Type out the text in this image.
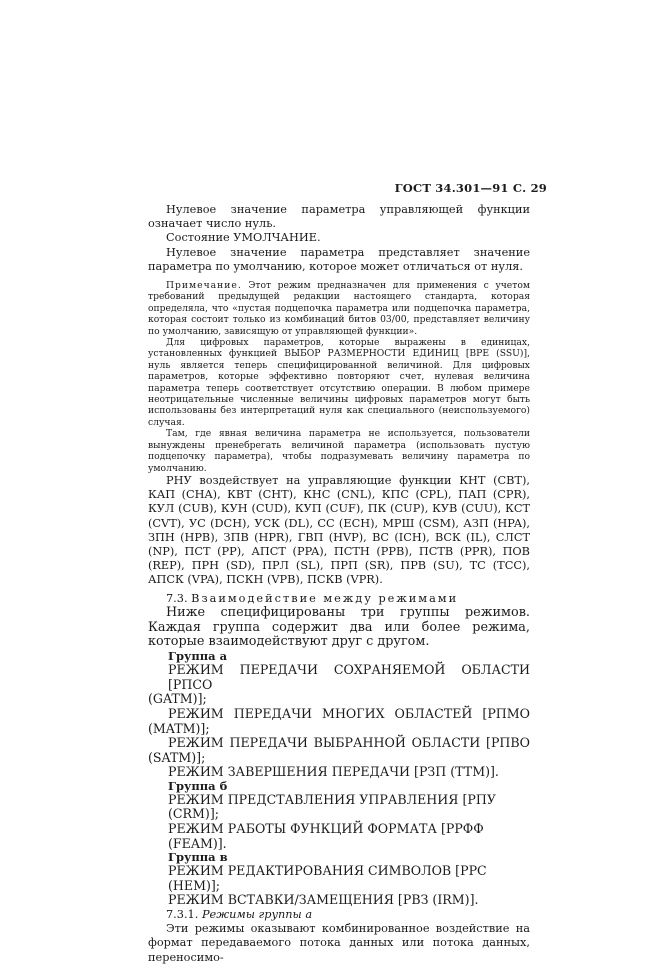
ГОСТ 34.301—91 С. 29

Нулевое значение параметра управляющей функции означает число нуль.

Состояние УМОЛЧАНИЕ.

Нулевое значение параметра представляет значение параметра по умолчанию, которое может отличаться от нуля.

Примечание. Этот режим предназначен для применения с учетом требований предыдущей редакции настоящего стандарта, которая определяла, что «пустая подцепочка параметра или подцепочка параметра, которая состоит только из комбинаций битов 03/00, представляет величину по умолчанию, зависящую от управляющей функции».

Для цифровых параметров, которые выражены в единицах, установленных функцией ВЫБОР РАЗМЕРНОСТИ ЕДИНИЦ [ВРЕ (SSU)], нуль является теперь специфицированной величиной. Для цифровых параметров, которые эффективно повторяют счет, нулевая величина параметра теперь соответствует отсутствию операции. В любом примере неотрицательные численные величины цифровых параметров могут быть использованы без интерпретаций нуля как специального (неиспользуемого) случая.

Там, где явная величина параметра не используется, пользователи вынуждены пренебрегать величиной параметра (использовать пустую подцепочку параметра), чтобы подразумевать величину параметра по умолчанию.

РНУ воздействует на управляющие функции КНТ (CBT), КАП (CHA), КВТ (CHT), КНС (CNL), КПС (CPL), ПАП (CPR), КУЛ (CUB), КУН (CUD), КУП (CUF), ПК (CUP), КУВ (CUU), КСТ (CVT), УС (DCH), УСК (DL), СС (ECH), МРШ (CSM), АЗП (HPA), ЗПН (HPB), ЗПВ (HPR), ГВП (HVP), ВС (ICH), ВСК (IL), СЛСТ (NP), ПСТ (PP), АПСТ (PPA), ПСТН (PPB), ПСТВ (PPR), ПОВ (REP), ПРН (SD), ПРЛ (SL), ПРП (SR), ПРВ (SU), ТС (TCC), АПСК (VPA), ПСКН (VPB), ПСКВ (VPR).

7.3. Взаимодействие между режимами

Ниже специфицированы три группы режимов. Каждая группа содержит два или более режима, которые взаимодействуют друг с другом.

Группа а
РЕЖИМ ПЕРЕДАЧИ СОХРАНЯЕМОЙ ОБЛАСТИ [РПСО
(GATM)];
РЕЖИМ ПЕРЕДАЧИ МНОГИХ ОБЛАСТЕЙ [РПМО
(MATM)];
РЕЖИМ ПЕРЕДАЧИ ВЫБРАННОЙ ОБЛАСТИ [РПВО
(SATM)];
РЕЖИМ ЗАВЕРШЕНИЯ ПЕРЕДАЧИ [РЗП (TTM)].
Группа б
РЕЖИМ ПРЕДСТАВЛЕНИЯ УПРАВЛЕНИЯ [РПУ (CRM)];
РЕЖИМ РАБОТЫ ФУНКЦИЙ ФОРМАТА [РРФФ (FEAM)].
Группа в
РЕЖИМ РЕДАКТИРОВАНИЯ СИМВОЛОВ [РРС (HEM)];
РЕЖИМ ВСТАВКИ/ЗАМЕЩЕНИЯ [РВЗ (IRM)].

7.3.1. Режимы группы а

Эти режимы оказывают комбинированное воздействие на формат передаваемого потока данных или потока данных, переносимо-
